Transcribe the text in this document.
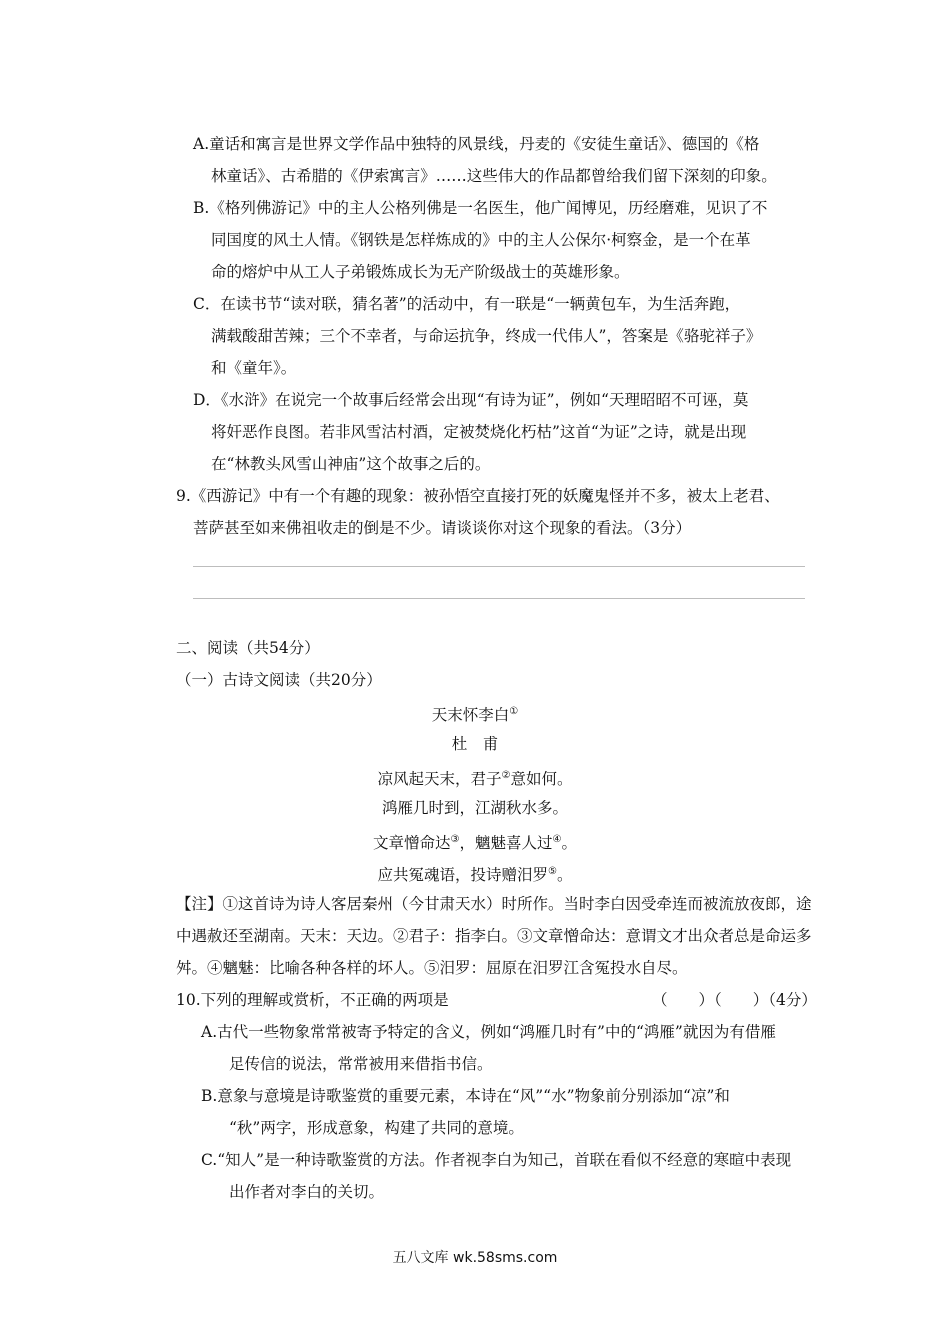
A.童话和寓言是世界文学作品中独特的风景线，丹麦的《安徒生童话》、德国的《格
林童话》、古希腊的《伊索寓言》……这些伟大的作品都曾给我们留下深刻的印象。
B.《格列佛游记》中的主人公格列佛是一名医生，他广闻博见，历经磨难，见识了不
同国度的风土人情。《钢铁是怎样炼成的》中的主人公保尔·柯察金，是一个在革
命的熔炉中从工人子弟锻炼成长为无产阶级战士的英雄形象。
C．在读书节“读对联，猜名著”的活动中，有一联是“一辆黄包车，为生活奔跑，
满载酸甜苦辣；三个不幸者，与命运抗争，终成一代伟人”，答案是《骆驼祥子》
和《童年》。
D．《水浒》在说完一个故事后经常会出现“有诗为证”，例如“天理昭昭不可诬，莫
将奸恶作良图。若非风雪沽村酒，定被焚烧化朽枯”这首“为证”之诗，就是出现
在“林教头风雪山神庙”这个故事之后的。
9.《西游记》中有一个有趣的现象：被孙悟空直接打死的妖魔鬼怪并不多，被太上老君、
菩萨甚至如来佛祖收走的倒是不少。请谈谈你对这个现象的看法。（3分）
二、阅读（共54分）
（一）古诗文阅读（共20分）
天末怀李白①
杜　甫
凉风起天末，君子②意如何。
鸿雁几时到，江湖秋水多。
文章憎命达③，魑魅喜人过④。
应共冤魂语，投诗赠汨罗⑤。
【注】①这首诗为诗人客居秦州（今甘肃天水）时所作。当时李白因受牵连而被流放夜郎，途
中遇赦还至湖南。天末：天边。②君子：指李白。③文章憎命达：意谓文才出众者总是命运多
舛。④魑魅：比喻各种各样的坏人。⑤汨罗：屈原在汨罗江含冤投水自尽。
10.下列的理解或赏析，不正确的两项是	（　　）（　　）（4分）
A.古代一些物象常常被寄予特定的含义，例如“鸿雁几时有”中的“鸿雁”就因为有借雁
足传信的说法，常常被用来借指书信。
B.意象与意境是诗歌鉴赏的重要元素，本诗在“风”“水”物象前分别添加“凉”和
“秋”两字，形成意象，构建了共同的意境。
C.“知人”是一种诗歌鉴赏的方法。作者视李白为知己，首联在看似不经意的寒暄中表现
出作者对李白的关切。
五八文库 wk.58sms.com
